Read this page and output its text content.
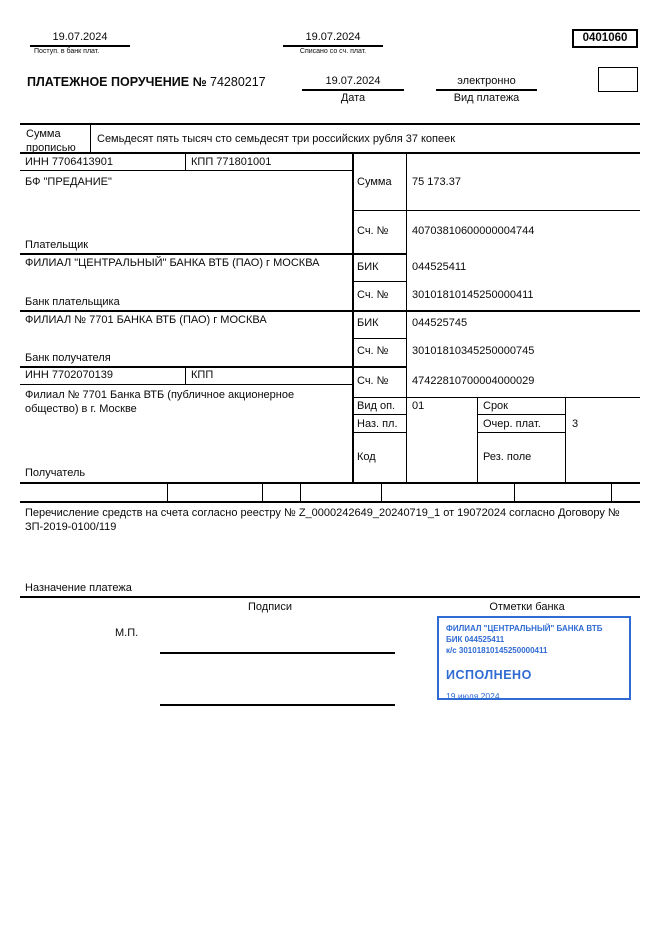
19.07.2024
Поступ. в банк плат.
19.07.2024
Списано со сч. плат.
0401060
ПЛАТЕЖНОЕ ПОРУЧЕНИЕ № 74280217	19.07.2024
Дата
электронно
Вид платежа
Сумма прописью
Семьдесят пять тысяч сто семьдесят три российских рубля 37 копеек
ИНН 7706413901	КПП 771801001
БФ "ПРЕДАНИЕ"
Плательщик
Сумма 75 173.37
Сч. № 40703810600000004744
ФИЛИАЛ "ЦЕНТРАЛЬНЫЙ" БАНКА ВТБ (ПАО) г МОСКВА
Банк плательщика
БИК	044525411
Сч. № 30101810145250000411
ФИЛИАЛ № 7701 БАНКА ВТБ (ПАО) г МОСКВА
Банк получателя
БИК	044525745
Сч. № 30101810345250000745
ИНН 7702070139	КПП
Филиал № 7701 Банка ВТБ (публичное акционерное общество) в г. Москве
Получатель
Сч. № 47422810700004000029
Вид оп. 01	Срок
Наз. пл.	Очер. плат.	3
Код	Рез. поле
Перечисление средств на счета согласно реестру № Z_0000242649_20240719_1 от 19072024 согласно Договору №
ЗП-2019-0100/119
Назначение платежа
Подписи	Отметки банка
М.П.	ФИЛИАЛ "ЦЕНТРАЛЬНЫЙ" БАНКА ВТБ
БИК 044525411
к/с 30101810145250000411
ИСПОЛНЕНО
19 июля 2024
